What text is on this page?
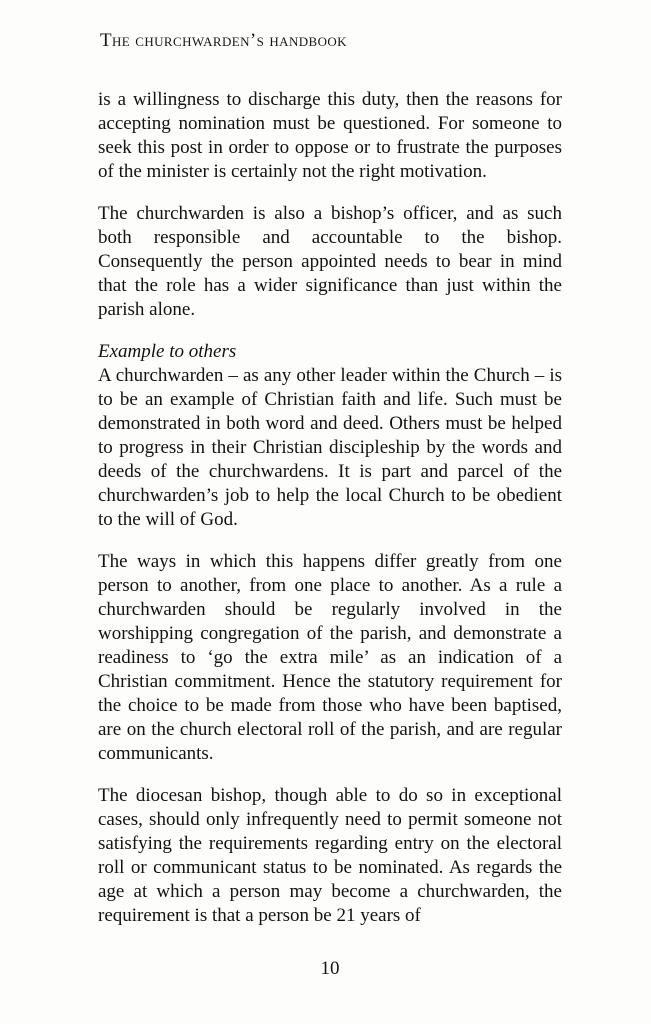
The churchwarden’s handbook

is a willingness to discharge this duty, then the reasons for accepting nomination must be questioned. For someone to seek this post in order to oppose or to frustrate the purposes of the minister is certainly not the right motivation.

The churchwarden is also a bishop’s officer, and as such both responsible and accountable to the bishop. Consequently the person appointed needs to bear in mind that the role has a wider significance than just within the parish alone.

Example to others

A churchwarden – as any other leader within the Church – is to be an example of Christian faith and life. Such must be demonstrated in both word and deed. Others must be helped to progress in their Christian discipleship by the words and deeds of the churchwardens. It is part and parcel of the churchwarden’s job to help the local Church to be obedient to the will of God.

The ways in which this happens differ greatly from one person to another, from one place to another. As a rule a churchwarden should be regularly involved in the worshipping congregation of the parish, and demonstrate a readiness to ‘go the extra mile’ as an indication of a Christian commitment. Hence the statutory requirement for the choice to be made from those who have been baptised, are on the church electoral roll of the parish, and are regular communicants.

The diocesan bishop, though able to do so in exceptional cases, should only infrequently need to permit someone not satisfying the requirements regarding entry on the electoral roll or communicant status to be nominated. As regards the age at which a person may become a churchwarden, the requirement is that a person be 21 years of

10
